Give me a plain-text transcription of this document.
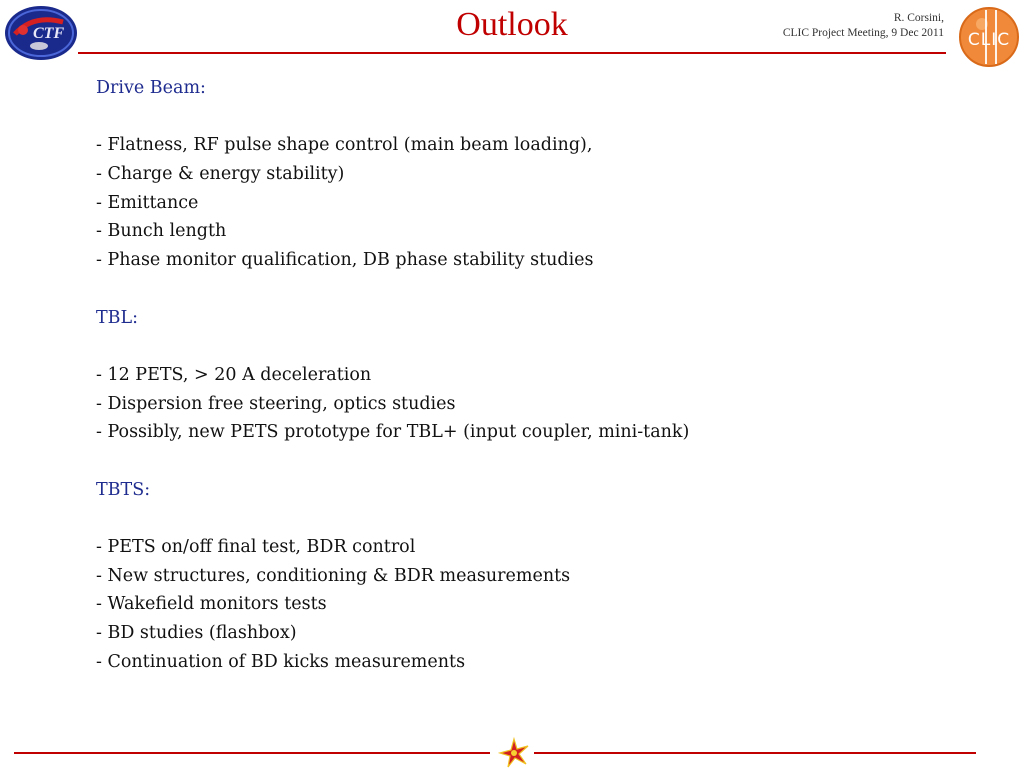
CTF	Outlook	R. Corsini,
CLIC Project Meeting, 9 Dec 2011 CLIC
Drive Beam:
- Flatness, RF pulse shape control (main beam loading),
- Charge & energy stability)
- Emittance
- Bunch length
- Phase monitor qualification, DB phase stability studies
TBL:
- 12 PETS, > 20 A deceleration
- Dispersion free steering, optics studies
- Possibly, new PETS prototype for TBL+ (input coupler, mini-tank)
TBTS:
- PETS on/off final test, BDR control
- New structures, conditioning & BDR measurements
- Wakefield monitors tests
- BD studies (flashbox)
- Continuation of BD kicks measurements
